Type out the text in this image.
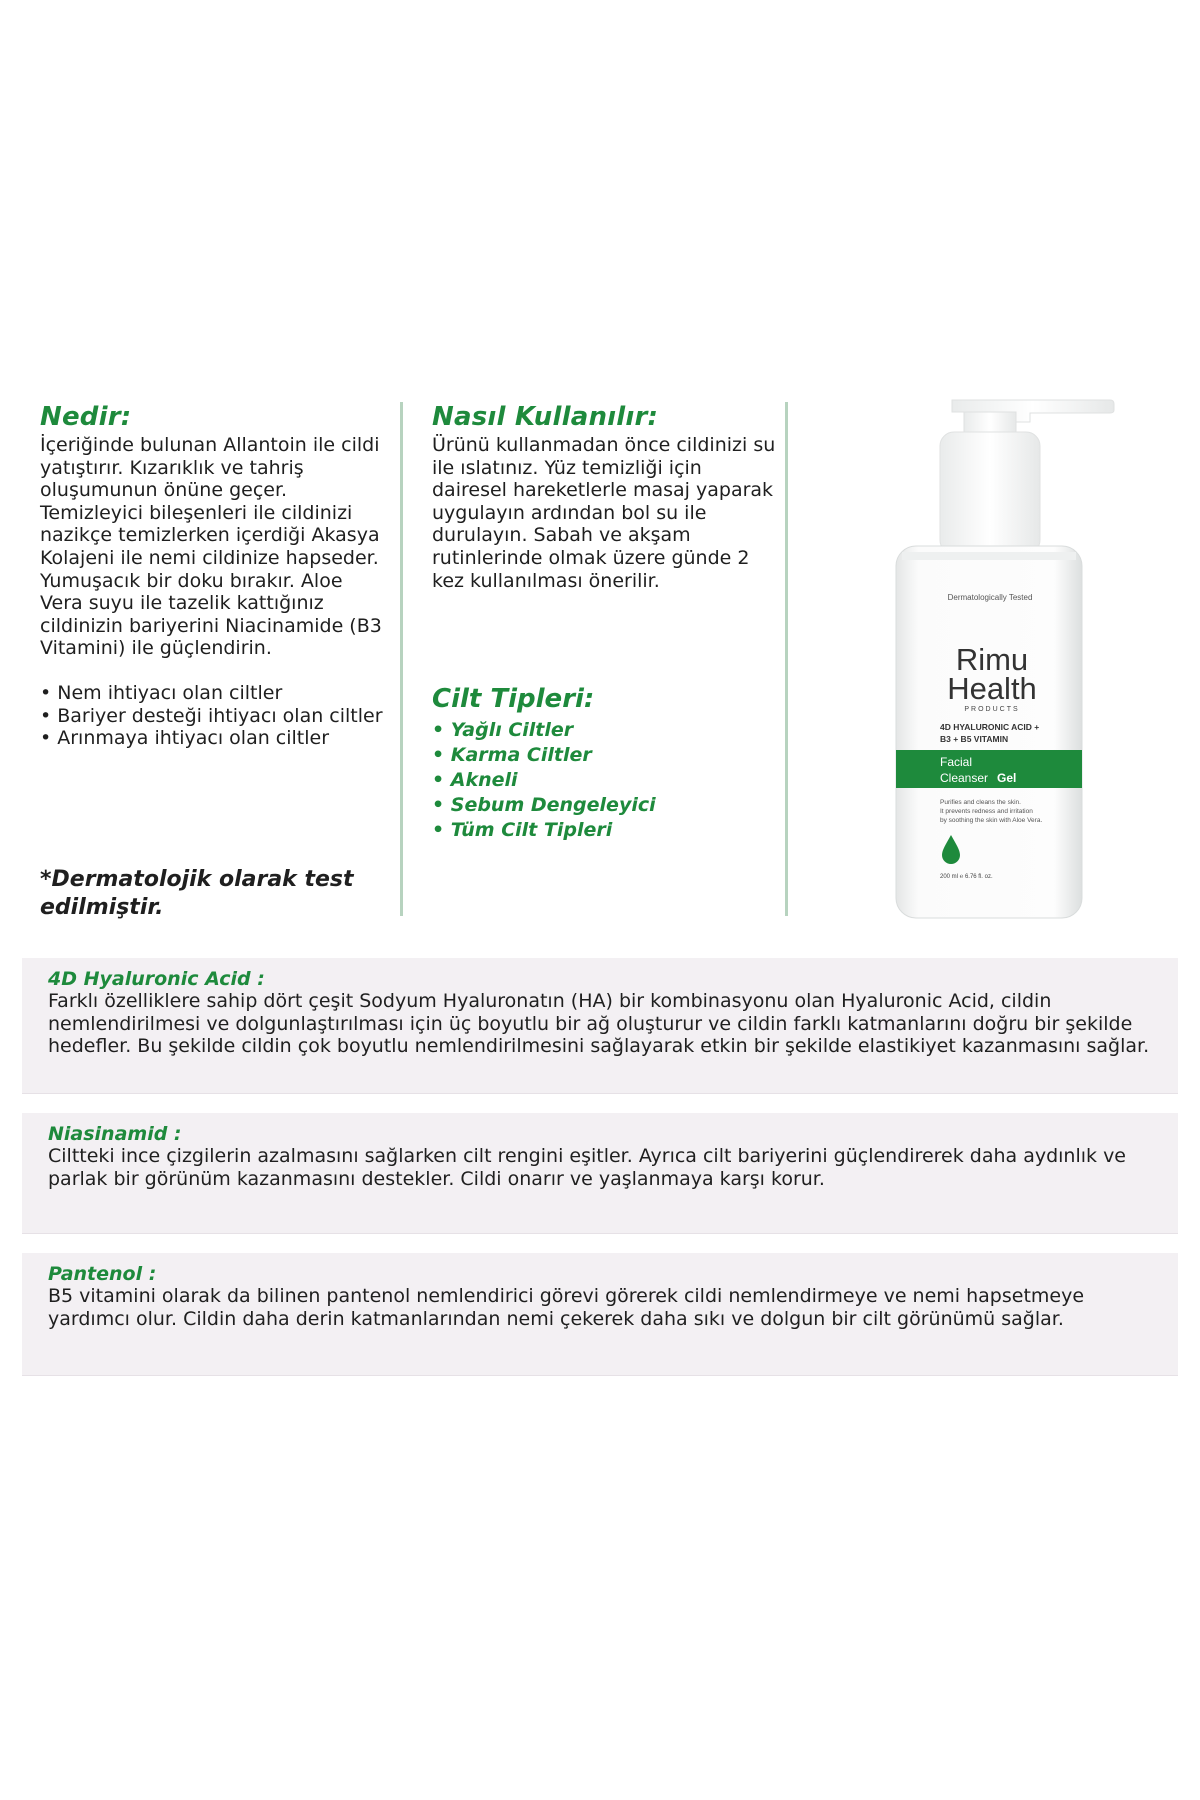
Nedir:

İçeriğinde bulunan Allantoin ile cildi yatıştırır. Kızarıklık ve tahriş oluşumunun önüne geçer. Temizleyici bileşenleri ile cildinizi nazikçe temizlerken içerdiği Akasya Kolajeni ile nemi cildinize hapseder. Yumuşacık bir doku bırakır. Aloe Vera suyu ile tazelik kattığınız cildinizin bariyerini Niacinamide (B3 Vitamini) ile güçlendirin.

• Nem ihtiyacı olan ciltler
• Bariyer desteği ihtiyacı olan ciltler
• Arınmaya ihtiyacı olan ciltler
*Dermatolojik olarak test edilmiştir.
Nasıl Kullanılır:

Ürünü kullanmadan önce cildinizi su ile ıslatınız. Yüz temizliği için dairesel hareketlerle masaj yaparak uygulayın ardından bol su ile durulayın. Sabah ve akşam rutinlerinde olmak üzere günde 2 kez kullanılması önerilir.

Cilt Tipleri:
• Yağlı Ciltler
• Karma Ciltler
• Akneli
• Sebum Dengeleyici
• Tüm Cilt Tipleri
Dermatologically Tested
Rimu
Health
PRODUCTS
4D HYALURONIC ACID +
B3 + B5 VITAMIN
Facial
Cleanser Gel
Purifies and cleans the skin.
It prevents redness and irritation
by soothing the skin with Aloe Vera.
200 ml ℮ 6.76 fl. oz.
4D Hyaluronic Acid :

Farklı özelliklere sahip dört çeşit Sodyum Hyaluronatın (HA) bir kombinasyonu olan Hyaluronic Acid, cildin nemlendirilmesi ve dolgunlaştırılması için üç boyutlu bir ağ oluşturur ve cildin farklı katmanlarını doğru bir şekilde hedefler. Bu şekilde cildin çok boyutlu nemlendirilmesini sağlayarak etkin bir şekilde elastikiyet kazanmasını sağlar.

Niasinamid :

Ciltteki ince çizgilerin azalmasını sağlarken cilt rengini eşitler. Ayrıca cilt bariyerini güçlendirerek daha aydınlık ve parlak bir görünüm kazanmasını destekler. Cildi onarır ve yaşlanmaya karşı korur.

Pantenol :

B5 vitamini olarak da bilinen pantenol nemlendirici görevi görerek cildi nemlendirmeye ve nemi hapsetmeye yardımcı olur. Cildin daha derin katmanlarından nemi çekerek daha sıkı ve dolgun bir cilt görünümü sağlar.
